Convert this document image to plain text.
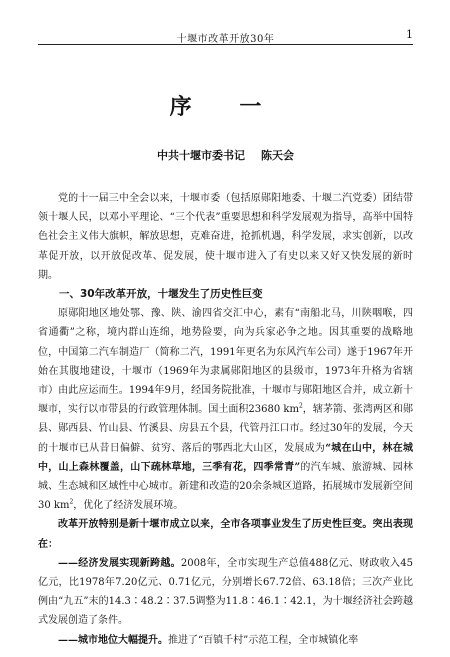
十堰市改革开放30年	1
序 一
中共十堰市委书记 陈天会

党的十一届三中全会以来，十堰市委（包括原郧阳地委、十堰二汽党委）团结带领十堰人民，以邓小平理论、“三个代表”重要思想和科学发展观为指导，高举中国特色社会主义伟大旗帜，解放思想，克难奋进，抢抓机遇，科学发展，求实创新，以改革促开放，以开放促改革、促发展，使十堰市进入了有史以来又好又快发展的新时期。

一、30年改革开放，十堰发生了历史性巨变

原郧阳地区地处鄂、豫、陕、渝四省交汇中心，素有“南船北马，川陕咽喉，四省通衢”之称，境内群山连绵，地势险要，向为兵家必争之地。因其重要的战略地位，中国第二汽车制造厂（简称二汽，1991年更名为东风汽车公司）遂于1967年开始在其腹地建设，十堰市（1969年为隶属郧阳地区的县级市，1973年升格为省辖市）由此应运而生。1994年9月，经国务院批准，十堰市与郧阳地区合并，成立新十堰市，实行以市带县的行政管理体制。国土面积23680 $km^2$，辖茅箭、张湾两区和郧县、郧西县、竹山县、竹溪县、房县五个县，代管丹江口市。经过30年的发展，今天的十堰市已从昔日偏僻、贫穷、落后的鄂西北大山区，发展成为“城在山中，林在城中，山上森林覆盖，山下疏林草地，三季有花，四季常青”的汽车城、旅游城、园林城、生态城和区域性中心城市。新建和改造的20余条城区道路，拓展城市发展新空间30 $km^2$，优化了经济发展环境。

改革开放特别是新十堰市成立以来，全市各项事业发生了历史性巨变。突出表现在：

——经济发展实现新跨越。2008年，全市实现生产总值488亿元、财政收入45亿元，比1978年7.20亿元、0.71亿元，分别增长67.72倍、63.18倍；三次产业比例由“九五”末的14.3∶48.2∶37.5调整为11.8∶46.1∶42.1，为十堰经济社会跨越式发展创造了条件。

——城市地位大幅提升。推进了“百镇千村”示范工程，全市城镇化率
